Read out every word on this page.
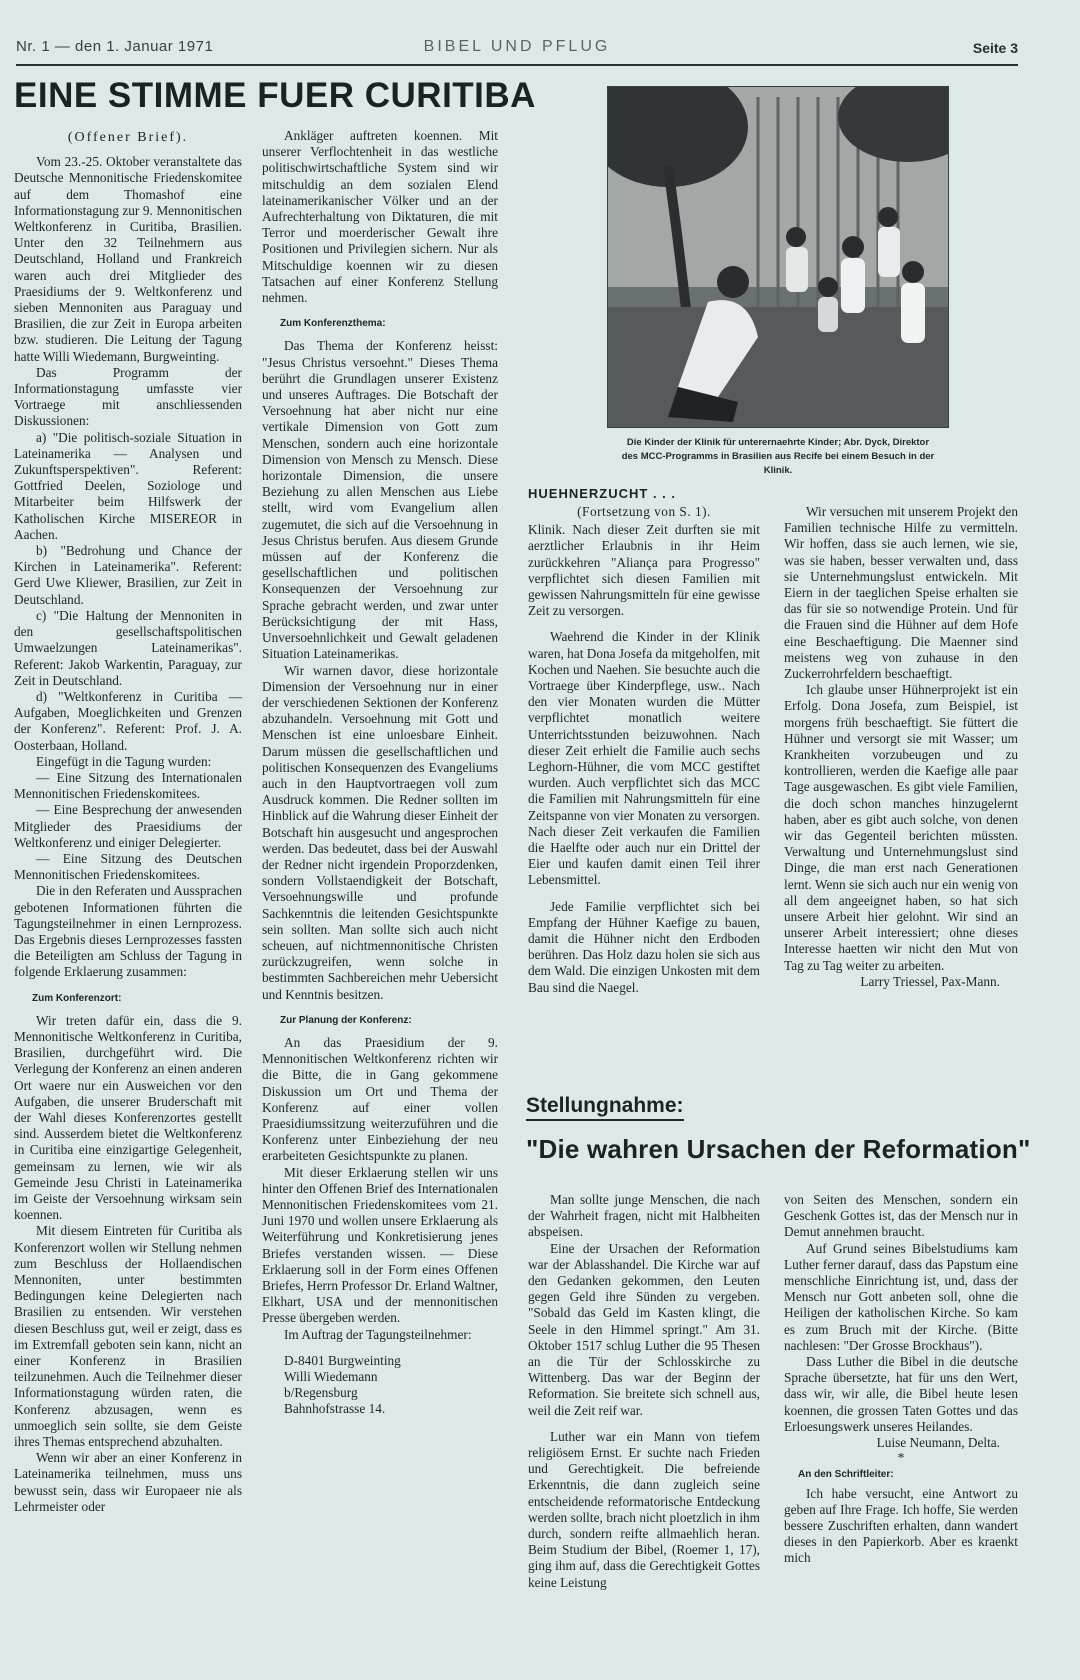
Nr. 1 — den 1. Januar 1971	BIBEL UND PFLUG	Seite 3
EINE STIMME FUER CURITIBA

(Offener Brief).

Vom 23.-25. Oktober veranstaltete das Deutsche Mennonitische Friedenskomitee auf dem Thomashof eine Informationstagung zur 9. Mennonitischen Weltkonferenz in Curitiba, Brasilien. Unter den 32 Teilnehmern aus Deutschland, Holland und Frankreich waren auch drei Mitglieder des Praesidiums der 9. Weltkonferenz und sieben Mennoniten aus Paraguay und Brasilien, die zur Zeit in Europa arbeiten bzw. studieren. Die Leitung der Tagung hatte Willi Wiedemann, Burgweinting.

Das Programm der Informationstagung umfasste vier Vortraege mit anschliessenden Diskussionen:

a) "Die politisch-soziale Situation in Lateinamerika — Analysen und Zukunftsperspektiven". Referent: Gottfried Deelen, Soziologe und Mitarbeiter beim Hilfswerk der Katholischen Kirche MISEREOR in Aachen.

b) "Bedrohung und Chance der Kirchen in Lateinamerika". Referent: Gerd Uwe Kliewer, Brasilien, zur Zeit in Deutschland.

c) "Die Haltung der Mennoniten in den gesellschaftspolitischen Umwaelzungen Lateinamerikas". Referent: Jakob Warkentin, Paraguay, zur Zeit in Deutschland.

d) "Weltkonferenz in Curitiba — Aufgaben, Moeglichkeiten und Grenzen der Konferenz". Referent: Prof. J. A. Oosterbaan, Holland.

Eingefügt in die Tagung wurden:

— Eine Sitzung des Internationalen Mennonitischen Friedenskomitees.

— Eine Besprechung der anwesenden Mitglieder des Praesidiums der Weltkonferenz und einiger Delegierter.

— Eine Sitzung des Deutschen Mennonitischen Friedenskomitees.

Die in den Referaten und Aussprachen gebotenen Informationen führten die Tagungsteilnehmer in einen Lernprozess. Das Ergebnis dieses Lernprozesses fassten die Beteiligten am Schluss der Tagung in folgende Erklaerung zusammen:

Zum Konferenzort:

Wir treten dafür ein, dass die 9. Mennonitische Weltkonferenz in Curitiba, Brasilien, durchgeführt wird. Die Verlegung der Konferenz an einen anderen Ort waere nur ein Ausweichen vor den Aufgaben, die unserer Bruderschaft mit der Wahl dieses Konferenzortes gestellt sind. Ausserdem bietet die Weltkonferenz in Curitiba eine einzigartige Gelegenheit, gemeinsam zu lernen, wie wir als Gemeinde Jesu Christi in Lateinamerika im Geiste der Versoehnung wirksam sein koennen.

Mit diesem Eintreten für Curitiba als Konferenzort wollen wir Stellung nehmen zum Beschluss der Hollaendischen Mennoniten, unter bestimmten Bedingungen keine Delegierten nach Brasilien zu entsenden. Wir verstehen diesen Beschluss gut, weil er zeigt, dass es im Extremfall geboten sein kann, nicht an einer Konferenz in Brasilien teilzunehmen. Auch die Teilnehmer dieser Informationstagung würden raten, die Konferenz abzusagen, wenn es unmoeglich sein sollte, sie dem Geiste ihres Themas entsprechend abzuhalten.

Wenn wir aber an einer Konferenz in Lateinamerika teilnehmen, muss uns bewusst sein, dass wir Europaeer nie als Lehrmeister oder

Ankläger auftreten koennen. Mit unserer Verflochtenheit in das westliche politischwirtschaftliche System sind wir mitschuldig an dem sozialen Elend lateinamerikanischer Völker und an der Aufrechterhaltung von Diktaturen, die mit Terror und moerderischer Gewalt ihre Positionen und Privilegien sichern. Nur als Mitschuldige koennen wir zu diesen Tatsachen auf einer Konferenz Stellung nehmen.

Zum Konferenzthema:

Das Thema der Konferenz heisst: "Jesus Christus versoehnt." Dieses Thema berührt die Grundlagen unserer Existenz und unseres Auftrages. Die Botschaft der Versoehnung hat aber nicht nur eine vertikale Dimension von Gott zum Menschen, sondern auch eine horizontale Dimension von Mensch zu Mensch. Diese horizontale Dimension, die unsere Beziehung zu allen Menschen aus Liebe stellt, wird vom Evangelium allen zugemutet, die sich auf die Versoehnung in Jesus Christus berufen. Aus diesem Grunde müssen auf der Konferenz die gesellschaftlichen und politischen Konsequenzen der Versoehnung zur Sprache gebracht werden, und zwar unter Berücksichtigung der mit Hass, Unversoehnlichkeit und Gewalt geladenen Situation Lateinamerikas.

Wir warnen davor, diese horizontale Dimension der Versoehnung nur in einer der verschiedenen Sektionen der Konferenz abzuhandeln. Versoehnung mit Gott und Menschen ist eine unloesbare Einheit. Darum müssen die gesellschaftlichen und politischen Konsequenzen des Evangeliums auch in den Hauptvortraegen voll zum Ausdruck kommen. Die Redner sollten im Hinblick auf die Wahrung dieser Einheit der Botschaft hin ausgesucht und angesprochen werden. Das bedeutet, dass bei der Auswahl der Redner nicht irgendein Proporzdenken, sondern Vollstaendigkeit der Botschaft, Versoehnungswille und profunde Sachkenntnis die leitenden Gesichtspunkte sein sollten. Man sollte sich auch nicht scheuen, auf nichtmennonitische Christen zurückzugreifen, wenn solche in bestimmten Sachbereichen mehr Uebersicht und Kenntnis besitzen.

Zur Planung der Konferenz:

An das Praesidium der 9. Mennonitischen Weltkonferenz richten wir die Bitte, die in Gang gekommene Diskussion um Ort und Thema der Konferenz auf einer vollen Praesidiumssitzung weiterzuführen und die Konferenz unter Einbeziehung der neu erarbeiteten Gesichtspunkte zu planen.

Mit dieser Erklaerung stellen wir uns hinter den Offenen Brief des Internationalen Mennonitischen Friedenskomitees vom 21. Juni 1970 und wollen unsere Erklaerung als Weiterführung und Konkretisierung jenes Briefes verstanden wissen. — Diese Erklaerung soll in der Form eines Offenen Briefes, Herrn Professor Dr. Erland Waltner, Elkhart, USA und der mennonitischen Presse übergeben werden.

Im Auftrag der Tagungsteilnehmer:

D-8401 Burgweinting

Willi Wiedemann

b/Regensburg

Bahnhofstrasse 14.

Die Kinder der Klinik für unterernaehrte Kinder; Abr. Dyck, Direktor des MCC-Programms in Brasilien aus Recife bei einem Besuch in der Klinik.
HUEHNERZUCHT . . .

(Fortsetzung von S. 1).

Klinik. Nach dieser Zeit durften sie mit aerztlicher Erlaubnis in ihr Heim zurückkehren "Aliança para Progresso" verpflichtet sich diesen Familien mit gewissen Nahrungsmitteln für eine gewisse Zeit zu versorgen.

Waehrend die Kinder in der Klinik waren, hat Dona Josefa da mitgeholfen, mit Kochen und Naehen. Sie besuchte auch die Vortraege über Kinderpflege, usw.. Nach den vier Monaten wurden die Mütter verpflichtet monatlich weitere Unterrichtsstunden beizuwohnen. Nach dieser Zeit erhielt die Familie auch sechs Leghorn-Hühner, die vom MCC gestiftet wurden. Auch verpflichtet sich das MCC die Familien mit Nahrungsmitteln für eine Zeitspanne von vier Monaten zu versorgen. Nach dieser Zeit verkaufen die Familien die Haelfte oder auch nur ein Drittel der Eier und kaufen damit einen Teil ihrer Lebensmittel.

Jede Familie verpflichtet sich bei Empfang der Hühner Kaefige zu bauen, damit die Hühner nicht den Erdboden berühren. Das Holz dazu holen sie sich aus dem Wald. Die einzigen Unkosten mit dem Bau sind die Naegel.

Wir versuchen mit unserem Projekt den Familien technische Hilfe zu vermitteln. Wir hoffen, dass sie auch lernen, wie sie, was sie haben, besser verwalten und, dass sie Unternehmungslust entwickeln. Mit Eiern in der taeglichen Speise erhalten sie das für sie so notwendige Protein. Und für die Frauen sind die Hühner auf dem Hofe eine Beschaeftigung. Die Maenner sind meistens weg von zuhause in den Zuckerrohrfeldern beschaeftigt.

Ich glaube unser Hühnerprojekt ist ein Erfolg. Dona Josefa, zum Beispiel, ist morgens früh beschaeftigt. Sie füttert die Hühner und versorgt sie mit Wasser; um Krankheiten vorzubeugen und zu kontrollieren, werden die Kaefige alle paar Tage ausgewaschen. Es gibt viele Familien, die doch schon manches hinzugelernt haben, aber es gibt auch solche, von denen wir das Gegenteil berichten müssten. Verwaltung und Unternehmungslust sind Dinge, die man erst nach Generationen lernt. Wenn sie sich auch nur ein wenig von all dem angeeignet haben, so hat sich unsere Arbeit hier gelohnt. Wir sind an unserer Arbeit interessiert; ohne dieses Interesse haetten wir nicht den Mut von Tag zu Tag weiter zu arbeiten.

Larry Triessel, Pax-Mann.

Stellungnahme:
"Die wahren Ursachen der Reformation"

Man sollte junge Menschen, die nach der Wahrheit fragen, nicht mit Halbheiten abspeisen.

Eine der Ursachen der Reformation war der Ablasshandel. Die Kirche war auf den Gedanken gekommen, den Leuten gegen Geld ihre Sünden zu vergeben. "Sobald das Geld im Kasten klingt, die Seele in den Himmel springt." Am 31. Oktober 1517 schlug Luther die 95 Thesen an die Tür der Schlosskirche zu Wittenberg. Das war der Beginn der Reformation. Sie breitete sich schnell aus, weil die Zeit reif war.

Luther war ein Mann von tiefem religiösem Ernst. Er suchte nach Frieden und Gerechtigkeit. Die befreiende Erkenntnis, die dann zugleich seine entscheidende reformatorische Entdeckung werden sollte, brach nicht ploetzlich in ihm durch, sondern reifte allmaehlich heran. Beim Studium der Bibel, (Roemer 1, 17), ging ihm auf, dass die Gerechtigkeit Gottes keine Leistung

von Seiten des Menschen, sondern ein Geschenk Gottes ist, das der Mensch nur in Demut annehmen braucht.

Auf Grund seines Bibelstudiums kam Luther ferner darauf, dass das Papstum eine menschliche Einrichtung ist, und, dass der Mensch nur Gott anbeten soll, ohne die Heiligen der katholischen Kirche. So kam es zum Bruch mit der Kirche. (Bitte nachlesen: "Der Grosse Brockhaus").

Dass Luther die Bibel in die deutsche Sprache übersetzte, hat für uns den Wert, dass wir, wir alle, die Bibel heute lesen koennen, die grossen Taten Gottes und das Erloesungswerk unseres Heilandes.

Luise Neumann, Delta.

*

An den Schriftleiter:

Ich habe versucht, eine Antwort zu geben auf Ihre Frage. Ich hoffe, Sie werden bessere Zuschriften erhalten, dann wandert dieses in den Papierkorb. Aber es kraenkt mich
